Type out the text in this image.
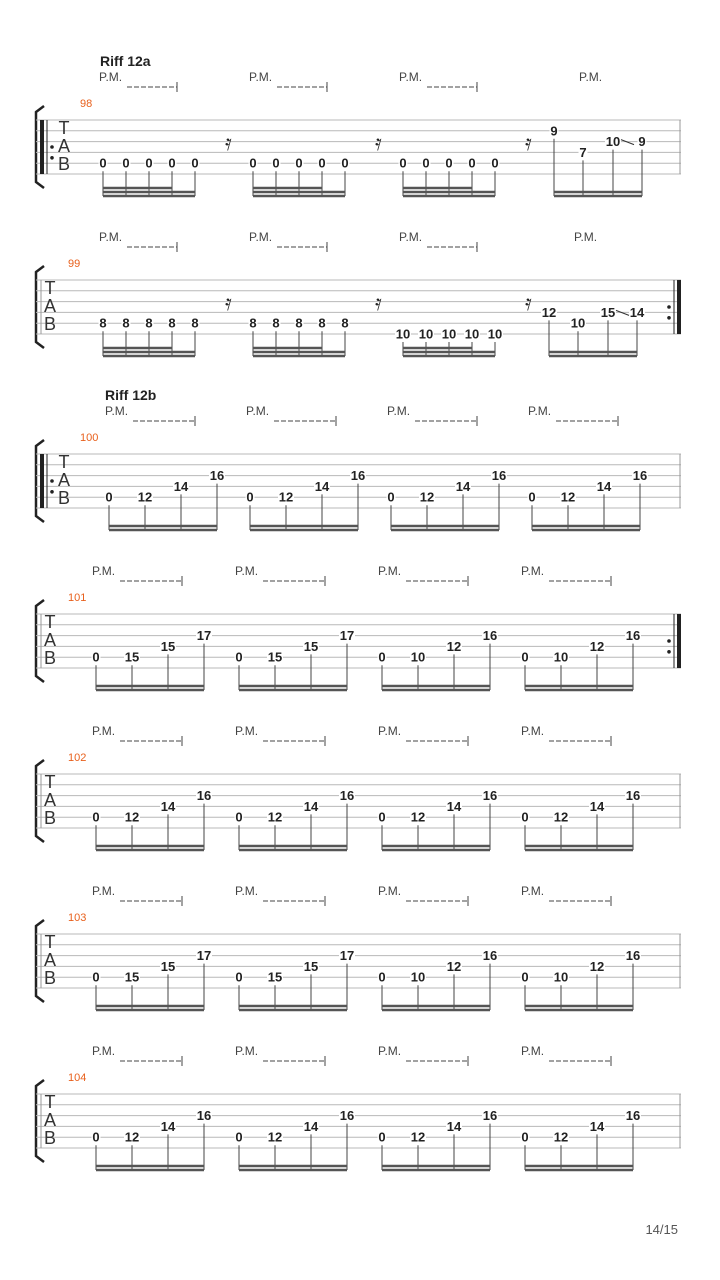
T
A
B
98
Riff 12a
P.M.
0 0 0 0 0
𝄿
P.M.
0 0 0 0 0
𝄿
P.M.
0 0 0 0 0
𝄿
P.M.
9
7
10 9
T
A
B
99
P.M.
8 8 8 8 8
𝄿
P.M.
8 8 8 8 8
𝄿
P.M.
10 10 10 10 10
𝄿
P.M.
12
10
15 14
T
A
B
100
Riff 12b
P.M.
0 12
14
16
P.M.
0 12
14
16
P.M.
0 12
14
16
P.M.
0 12
14
16
T
A
B
101
P.M.
0 15
15
17
P.M.
0 15
15
17
P.M.
0 10
12
16
P.M.
0 10
12
16
T
A
B
102
P.M.
0 12
14
16
P.M.
0 12
14
16
P.M.
0 12
14
16
P.M.
0 12
14
16
T
A
B
103
P.M.
0 15
15
17
P.M.
0 15
15
17
P.M.
0 10
12
16
P.M.
0 10
12
16
T
A
B
104
P.M.
0 12
14
16
P.M.
0 12
14
16
P.M.
0 12
14
16
P.M.
0 12
14
16
14/15
